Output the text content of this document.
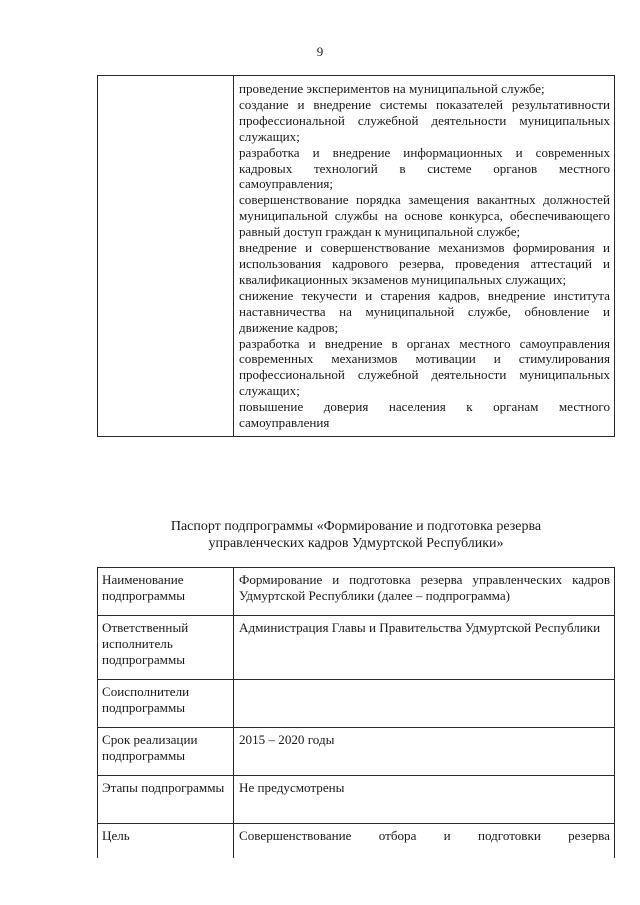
9

проведение экспериментов на муниципальной службе;
создание и внедрение системы показателей результативности профессиональной служебной деятельности муниципальных служащих;
разработка и внедрение информационных и современных кадровых технологий в системе органов местного самоуправления;
совершенствование порядка замещения вакантных должностей муниципальной службы на основе конкурса, обеспечивающего равный доступ граждан к муниципальной службе;
внедрение и совершенствование механизмов формирования и использования кадрового резерва, проведения аттестаций и квалификационных экзаменов муниципальных служащих;
снижение текучести и старения кадров, внедрение института наставничества на муниципальной службе, обновление и движение кадров;
разработка и внедрение в органах местного самоуправления современных механизмов мотивации и стимулирования профессиональной служебной деятельности муниципальных служащих;
повышение доверия населения к органам местного самоуправления
Паспорт подпрограммы «Формирование и подготовка резерва
управленческих кадров Удмуртской Республики»
Наименование подпрограммы	Формирование и подготовка резерва управленческих кадров Удмуртской Республики (далее – подпрограмма)
Ответственный исполнитель подпрограммы	Администрация Главы и Правительства Удмуртской Республики
Соисполнители подпрограммы	
Срок реализации подпрограммы	2015 – 2020 годы
Этапы подпрограммы	Не предусмотрены
Цель	Совершенствование отбора и подготовки резерва
